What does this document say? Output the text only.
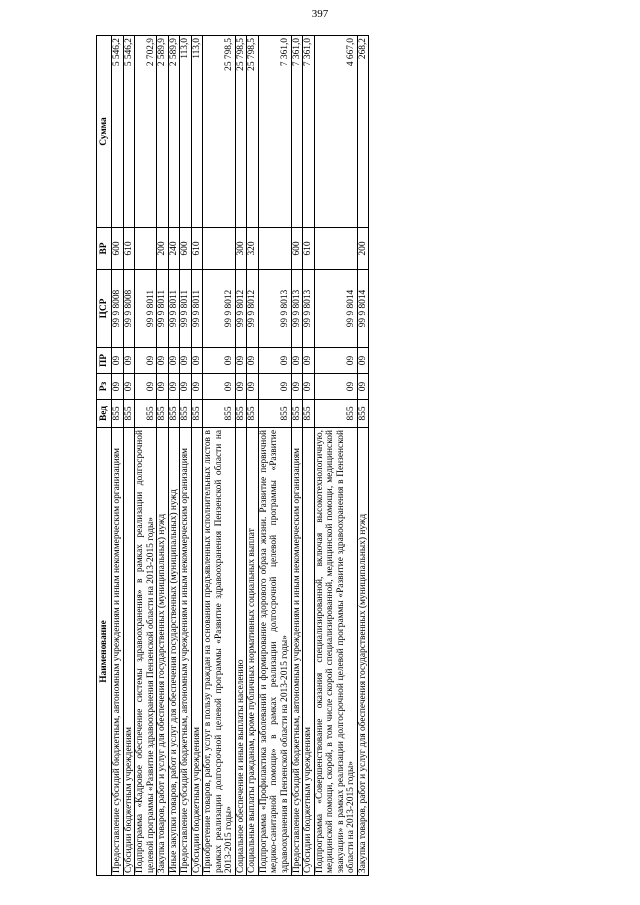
397
Наименование	Вед	Рз	ПР	ЦСР	ВР	Сумма
Предоставление субсидий бюджетным, автономным учреждениям и иным некоммерческим организациям	855	09	09	99 9 8008	600	5 546,2
Субсидии бюджетным учреждениям	855	09	09	99 9 8008	610	5 546,2
Подпрограмма «Кадровое обеспечение системы здравоохранения» в рамках реализации долгосрочной целевой программы «Развитие здравоохранения Пензенской области на 2013-2015 годы»	855	09	09	99 9 8011		2 702,9
Закупка товаров, работ и услуг для обеспечения государственных (муниципальных) нужд	855	09	09	99 9 8011	200	2 589,9
Иные закупки товаров, работ и услуг для обеспечения государственных (муниципальных) нужд	855	09	09	99 9 8011	240	2 589,9
Предоставление субсидий бюджетным, автономным учреждениям и иным некоммерческим организациям	855	09	09	99 9 8011	600	113,0
Субсидии бюджетным учреждениям	855	09	09	99 9 8011	610	113,0
Приобретение товаров, работ, услуг в пользу граждан на основании предъявленных исполнительных листов в рамках реализации долгосрочной целевой программы «Развитие здравоохранения Пензенской области на 2013-2015 годы»	855	09	09	99 9 8012		25 798,5
Социальное обеспечение и иные выплаты населению	855	09	09	99 9 8012	300	25 798,5
Социальные выплаты гражданам, кроме публичных нормативных социальных выплат	855	09	09	99 9 8012	320	25 798,5
Подпрограмма «Профилактика заболеваний и формирование здорового образа жизни. Развитие первичной медико-санитарной помощи» в рамках реализации долгосрочной целевой программы «Развитие здравоохранения в Пензенской области на 2013-2015 годы»	855	09	09	99 9 8013		7 361,0
Предоставление субсидий бюджетным, автономным учреждениям и иным некоммерческим организациям	855	09	09	99 9 8013	600	7 361,0
Субсидии бюджетным учреждениям	855	09	09	99 9 8013	610	7 361,0
Подпрограмма «Совершенствование оказания специализированной, включая высокотехнологичную, медицинской помощи, скорой, в том числе скорой специализированной, медицинской помощи, медицинской эвакуации» в рамках реализации долгосрочной целевой программы «Развитие здравоохранения в Пензенской области на 2013-2015 годы»	855	09	09	99 9 8014		4 667,0
Закупка товаров, работ и услуг для обеспечения государственных (муниципальных) нужд	855	09	09	99 9 8014	200	268,2
